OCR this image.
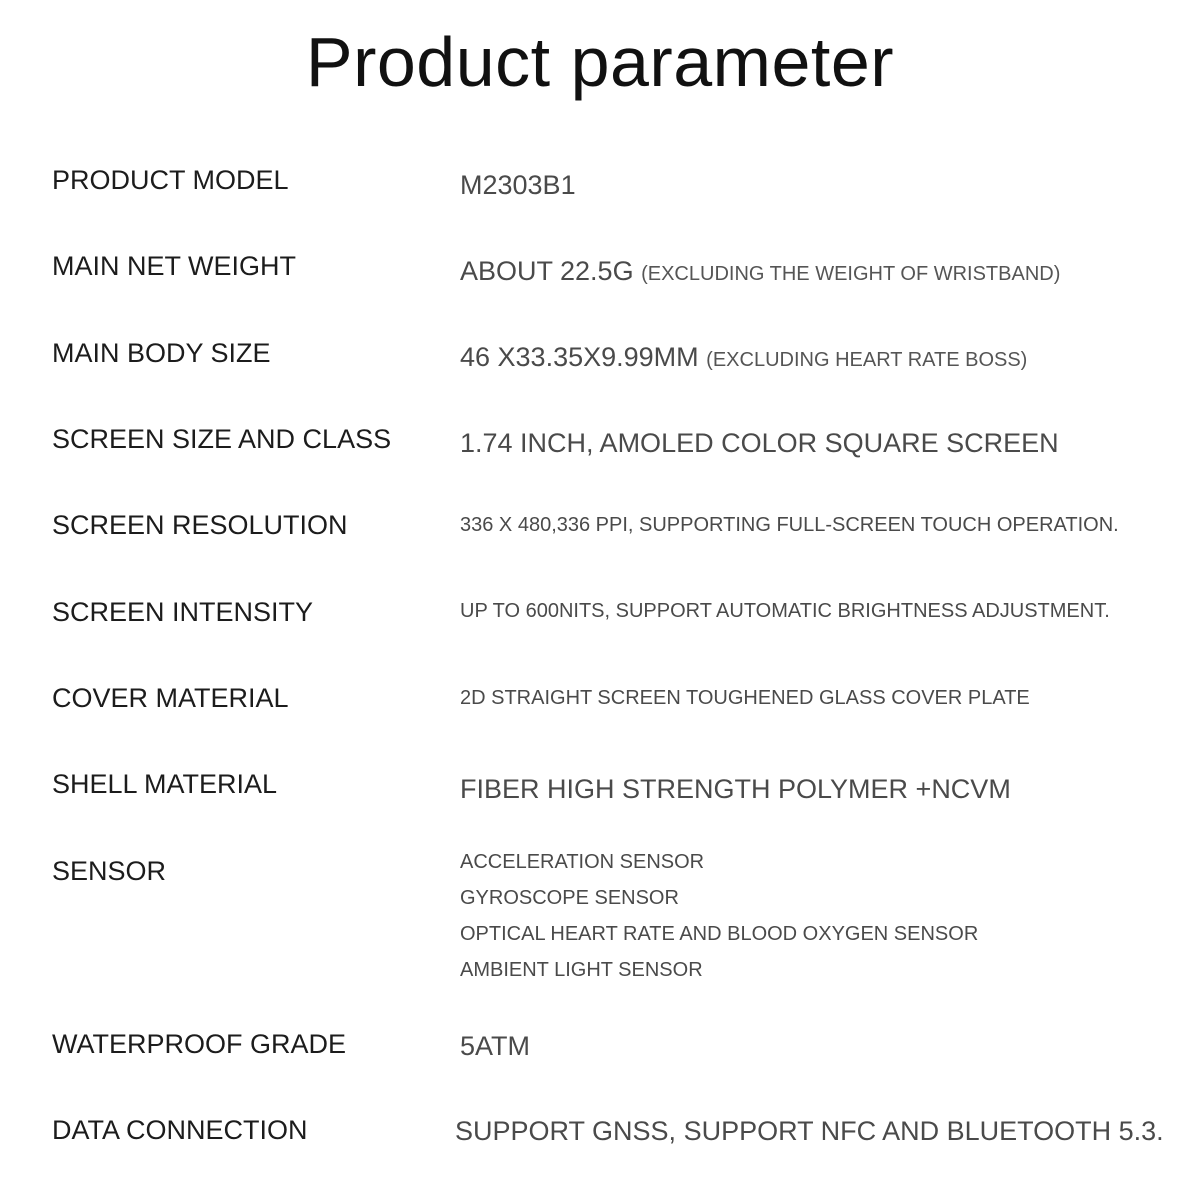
Product parameter
PRODUCT MODEL	M2303B1
MAIN NET WEIGHT	ABOUT 22.5G (EXCLUDING THE WEIGHT OF WRISTBAND)
MAIN BODY SIZE	46 X33.35X9.99MM (EXCLUDING HEART RATE BOSS)
SCREEN SIZE AND CLASS	1.74 INCH, AMOLED COLOR SQUARE SCREEN
SCREEN RESOLUTION	336 X 480,336 PPI, SUPPORTING FULL-SCREEN TOUCH OPERATION.
SCREEN INTENSITY	UP TO 600NITS, SUPPORT AUTOMATIC BRIGHTNESS ADJUSTMENT.
COVER MATERIAL	2D STRAIGHT SCREEN TOUGHENED GLASS COVER PLATE
SHELL MATERIAL	FIBER HIGH STRENGTH POLYMER +NCVM
SENSOR	ACCELERATION SENSOR
GYROSCOPE SENSOR
OPTICAL HEART RATE AND BLOOD OXYGEN SENSOR
AMBIENT LIGHT SENSOR
WATERPROOF GRADE	5ATM
DATA CONNECTION	SUPPORT GNSS, SUPPORT NFC AND BLUETOOTH 5.3.
